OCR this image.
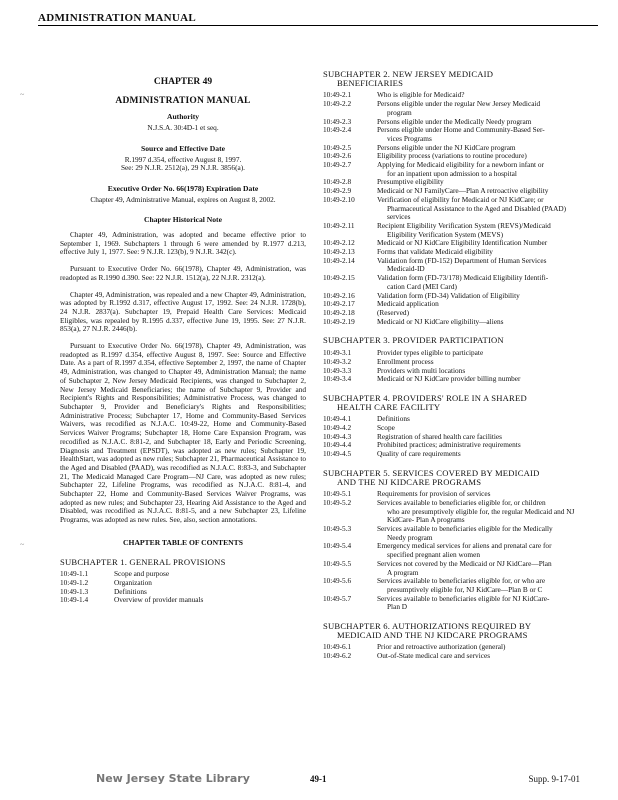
ADMINISTRATION MANUAL
~
~
CHAPTER 49
ADMINISTRATION MANUAL
Authority

N.J.S.A. 30:4D-1 et seq.

Source and Effective Date

R.1997 d.354, effective August 8, 1997.

See: 29 N.J.R. 2512(a), 29 N.J.R. 3856(a).

Executive Order No. 66(1978) Expiration Date

Chapter 49, Administrative Manual, expires on August 8, 2002.

Chapter Historical Note

Chapter 49, Administration, was adopted and became effective prior to September 1, 1969. Subchapters 1 through 6 were amended by R.1977 d.213, effective July 1, 1977. See: 9 N.J.R. 123(b), 9 N.J.R. 342(c).

Pursuant to Executive Order No. 66(1978), Chapter 49, Administration, was readopted as R.1990 d.390. See: 22 N.J.R. 1512(a), 22 N.J.R. 2312(a).

Chapter 49, Administration, was repealed and a new Chapter 49, Administration, was adopted by R.1992 d.317, effective August 17, 1992. See: 24 N.J.R. 1728(b), 24 N.J.R. 2837(a). Subchapter 19, Prepaid Health Care Services: Medicaid Eligibles, was repealed by R.1995 d.337, effective June 19, 1995. See: 27 N.J.R. 853(a), 27 N.J.R. 2446(b).

Pursuant to Executive Order No. 66(1978), Chapter 49, Administration, was readopted as R.1997 d.354, effective August 8, 1997. See: Source and Effective Date. As a part of R.1997 d.354, effective September 2, 1997, the name of Chapter 49, Administration, was changed to Chapter 49, Administration Manual; the name of Subchapter 2, New Jersey Medicaid Recipients, was changed to Subchapter 2, New Jersey Medicaid Beneficiaries; the name of Subchapter 9, Provider and Recipient's Rights and Responsibilities; Administrative Process, was changed to Subchapter 9, Provider and Beneficiary's Rights and Responsibilities; Administrative Process; Subchapter 17, Home and Community-Based Services Waivers, was recodified as N.J.A.C. 10:49-22, Home and Community-Based Services Waiver Programs; Subchapter 18, Home Care Expansion Program, was recodified as N.J.A.C. 8:81-2, and Subchapter 18, Early and Periodic Screening, Diagnosis and Treatment (EPSDT), was adopted as new rules; Subchapter 19, HealthStart, was adopted as new rules; Subchapter 21, Pharmaceutical Assistance to the Aged and Disabled (PAAD), was recodified as N.J.A.C. 8:83-3, and Subchapter 21, The Medicaid Managed Care Program—NJ Care, was adopted as new rules; Subchapter 22, Lifeline Programs, was recodified as N.J.A.C. 8:81-4, and Subchapter 22, Home and Community-Based Services Waiver Programs, was adopted as new rules; and Subchapter 23, Hearing Aid Assistance to the Aged and Disabled, was recodified as N.J.A.C. 8:81-5, and a new Subchapter 23, Lifeline Programs, was adopted as new rules. See, also, section annotations.

CHAPTER TABLE OF CONTENTS
SUBCHAPTER 1. GENERAL PROVISIONS
10:49-1.1	Scope and purpose
10:49-1.2	Organization
10:49-1.3	Definitions
10:49-1.4	Overview of provider manuals
SUBCHAPTER 2. NEW JERSEY MEDICAID
BENEFICIARIES
10:49-2.1	Who is eligible for Medicaid?
10:49-2.2	Persons eligible under the regular New Jersey Medicaid
program

10:49-2.3	Persons eligible under the Medically Needy program
10:49-2.4	Persons eligible under Home and Community-Based Ser-
vices Programs

10:49-2.5	Persons eligible under the NJ KidCare program
10:49-2.6	Eligibility process (variations to routine procedure)
10:49-2.7	Applying for Medicaid eligibility for a newborn infant or
for an inpatient upon admission to a hospital

10:49-2.8	Presumptive eligibility
10:49-2.9	Medicaid or NJ FamilyCare—Plan A retroactive eligibility
10:49-2.10	Verification of eligibility for Medicaid or NJ KidCare; or
Pharmaceutical Assistance to the Aged and Disabled (PAAD) services

10:49-2.11	Recipient Eligibility Verification System (REVS)/Medicaid
Eligibility Verification System (MEVS)

10:49-2.12	Medicaid or NJ KidCare Eligibility Identification Number
10:49-2.13	Forms that validate Medicaid eligibility
10:49-2.14	Validation form (FD-152) Department of Human Services
Medicaid-ID

10:49-2.15	Validation form (FD-73/178) Medicaid Eligibility Identifi-
cation Card (MEI Card)

10:49-2.16	Validation form (FD-34) Validation of Eligibility
10:49-2.17	Medicaid application
10:49-2.18	(Reserved)
10:49-2.19	Medicaid or NJ KidCare eligibility—aliens
SUBCHAPTER 3. PROVIDER PARTICIPATION
10:49-3.1	Provider types eligible to participate
10:49-3.2	Enrollment process
10:49-3.3	Providers with multi locations
10:49-3.4	Medicaid or NJ KidCare provider billing number
SUBCHAPTER 4. PROVIDERS' ROLE IN A SHARED
HEALTH CARE FACILITY
10:49-4.1	Definitions
10:49-4.2	Scope
10:49-4.3	Registration of shared health care facilities
10:49-4.4	Prohibited practices; administrative requirements
10:49-4.5	Quality of care requirements
SUBCHAPTER 5. SERVICES COVERED BY MEDICAID
AND THE NJ KIDCARE PROGRAMS
10:49-5.1	Requirements for provision of services
10:49-5.2	Services available to beneficiaries eligible for, or children
who are presumptively eligible for, the regular Medicaid and NJ KidCare- Plan A programs

10:49-5.3	Services available to beneficiaries eligible for the Medically
Needy program

10:49-5.4	Emergency medical services for aliens and prenatal care for
specified pregnant alien women

10:49-5.5	Services not covered by the Medicaid or NJ KidCare—Plan
A program

10:49-5.6	Services available to beneficiaries eligible for, or who are
presumptively eligible for, NJ KidCare—Plan B or C

10:49-5.7	Services available to beneficiaries eligible for NJ KidCare-
Plan D
SUBCHAPTER 6. AUTHORIZATIONS REQUIRED BY
MEDICAID AND THE NJ KIDCARE PROGRAMS
10:49-6.1	Prior and retroactive authorization (general)
10:49-6.2	Out-of-State medical care and services
New Jersey State Library	49-1	Supp. 9-17-01
